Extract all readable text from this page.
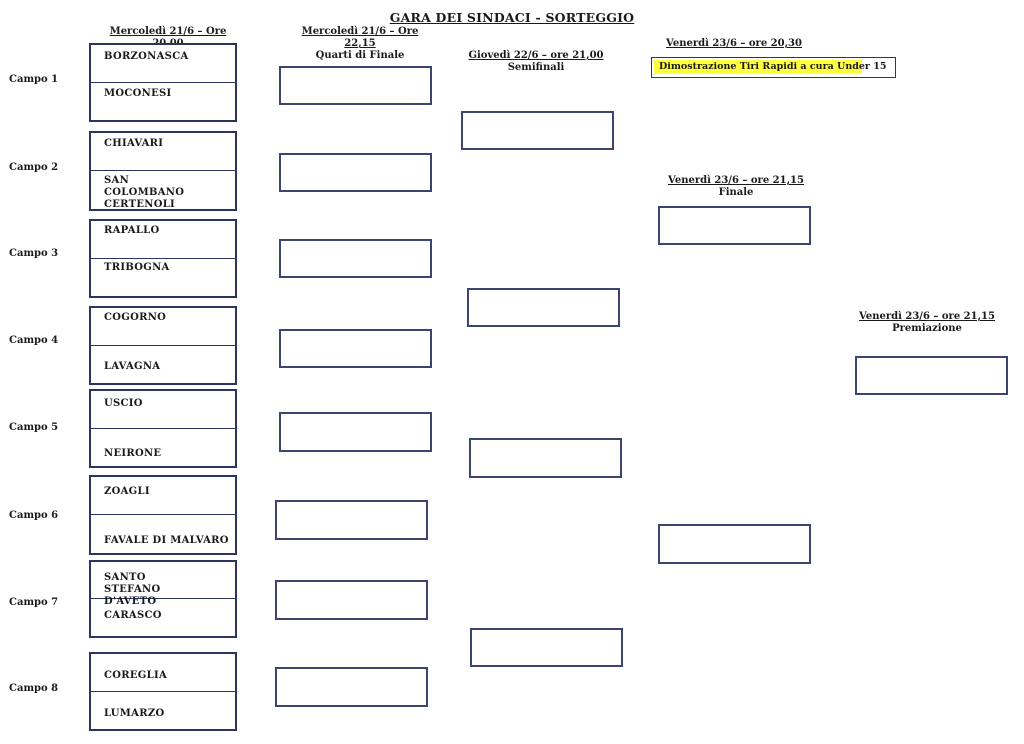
GARA DEI SINDACI - SORTEGGIO
Mercoledì 21/6 – Ore	Mercoledì 21/6 – Ore 22,15
Quarti di Finale	Giovedì 22/6 – ore 21,00
Semifinali
Venerdì 23/6 – ore 20,30
Dimostrazione Tiri Rapidi a cura Under 15
Venerdì 23/6 – ore 21,15
Finale
Venerdì 23/6 – ore 21,15
Premiazione
Campo 1
Campo 2
Campo 3
Campo 4
Campo 5
Campo 6
Campo 7
Campo 8
BORZONASCA
MOCONESI
CHIAVARI
SAN COLOMBANO CERTENOLI
RAPALLO
TRIBOGNA
COGORNO
LAVAGNA
USCIO
NEIRONE
ZOAGLI
FAVALE DI MALVARO
SANTO STEFANO D'AVETO
CARASCO
COREGLIA
LUMARZO
